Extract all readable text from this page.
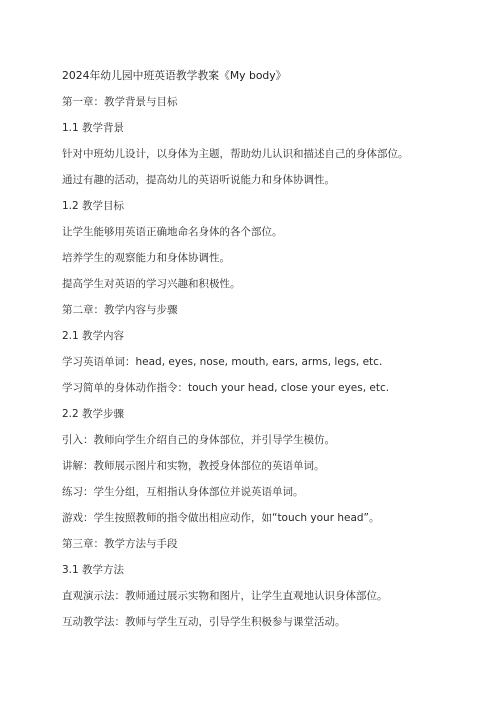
2024年幼儿园中班英语教学教案《My body》
第一章：教学背景与目标
1.1 教学背景
针对中班幼儿设计，以身体为主题，帮助幼儿认识和描述自己的身体部位。
通过有趣的活动，提高幼儿的英语听说能力和身体协调性。
1.2 教学目标
让学生能够用英语正确地命名身体的各个部位。
培养学生的观察能力和身体协调性。
提高学生对英语的学习兴趣和积极性。
第二章：教学内容与步骤
2.1 教学内容
学习英语单词：head, eyes, nose, mouth, ears, arms, legs, etc.
学习简单的身体动作指令：touch your head, close your eyes, etc.
2.2 教学步骤
引入：教师向学生介绍自己的身体部位，并引导学生模仿。
讲解：教师展示图片和实物，教授身体部位的英语单词。
练习：学生分组，互相指认身体部位并说英语单词。
游戏：学生按照教师的指令做出相应动作，如“touch your head”。
第三章：教学方法与手段
3.1 教学方法
直观演示法：教师通过展示实物和图片，让学生直观地认识身体部位。
互动教学法：教师与学生互动，引导学生积极参与课堂活动。
